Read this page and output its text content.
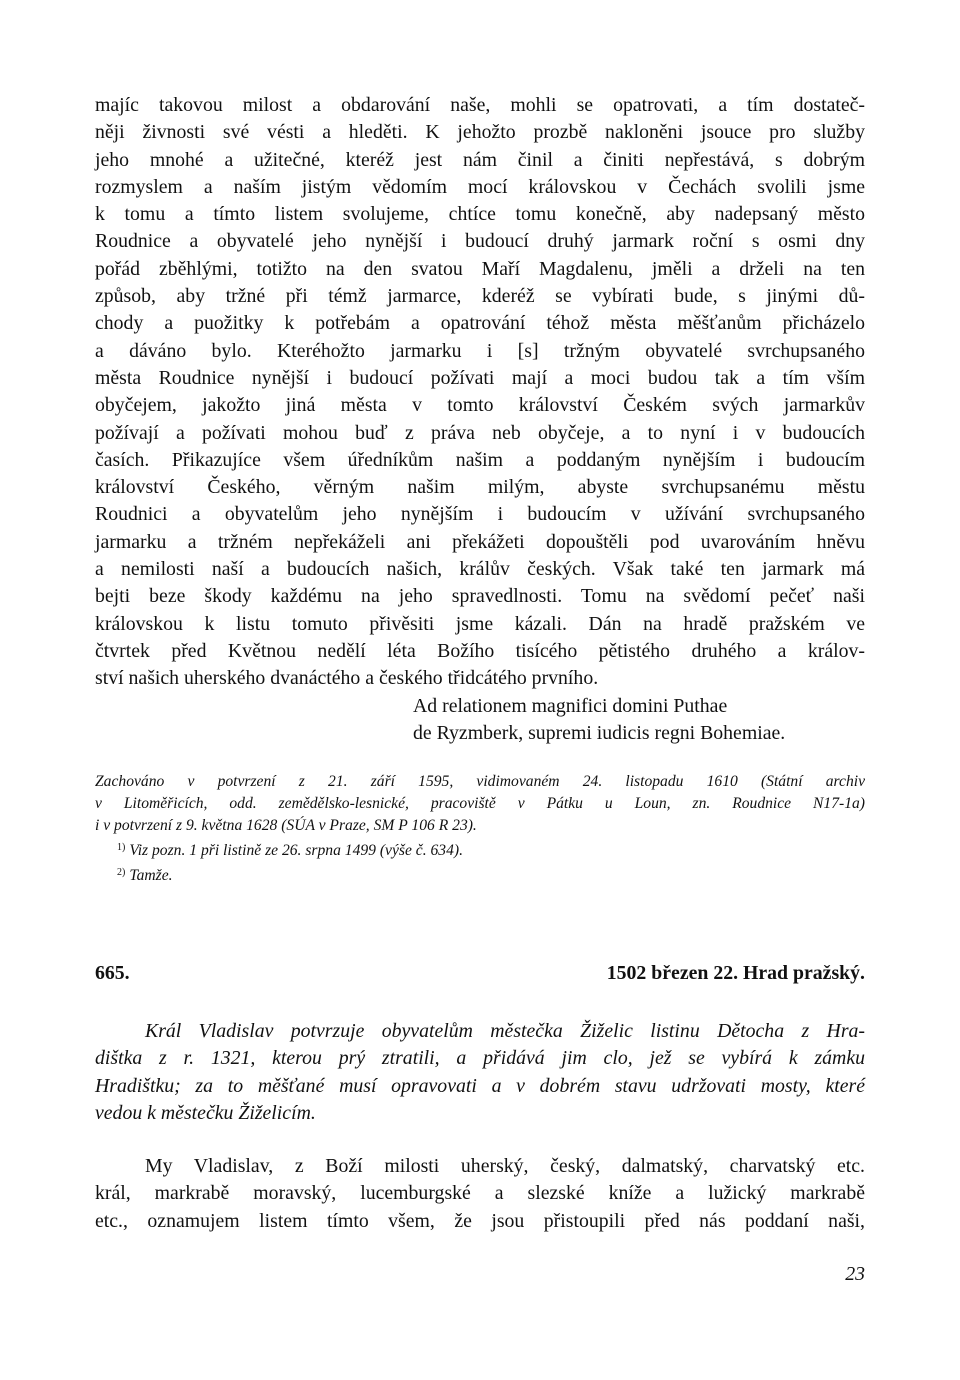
majíc takovou milost a obdarování naše, mohli se opatrovati, a tím dostateč-
něji živnosti své vésti a hleděti. K jehožto prozbě nakloněni jsouce pro služby
jeho mnohé a užitečné, kteréž jest nám činil a činiti nepřestává, s dobrým
rozmyslem a naším jistým vědomím mocí královskou v Čechách svolili jsme
k tomu a tímto listem svolujeme, chtíce tomu konečně, aby nadepsaný město
Roudnice a obyvatelé jeho nynější i budoucí druhý jarmark roční s osmi dny
pořád zběhlými, totižto na den svatou Maří Magdalenu, jměli a drželi na ten
způsob, aby tržné při témž jarmarce, kderéž se vybírati bude, s jinými dů-
chody a puožitky k potřebám a opatrování téhož města měšťanům přicházelo
a dáváno bylo. Kteréhožto jarmarku i [s] tržným obyvatelé svrchupsaného
města Roudnice nynější i budoucí požívati mají a moci budou tak a tím vším
obyčejem, jakožto jiná města v tomto království Českém svých jarmarkův
požívají a požívati mohou buď z práva neb obyčeje, a to nyní i v budoucích
časích. Přikazujíce všem úředníkům našim a poddaným nynějším i budoucím
království Českého, věrným našim milým, abyste svrchupsanému městu
Roudnici a obyvatelům jeho nynějším i budoucím v užívání svrchupsaného
jarmarku a tržném nepřekáželi ani překážeti dopouštěli pod uvarováním hněvu
a nemilosti naší a budoucích našich, králův českých. Však také ten jarmark má
bejti beze škody každému na jeho spravedlnosti. Tomu na svědomí pečeť naši
královskou k listu tomuto přivěsiti jsme kázali. Dán na hradě pražském ve
čtvrtek před Květnou nedělí léta Božího tisícého pětistého druhého a králov-
ství našich uherského dvanáctého a českého třidcátého prvního.
Ad relationem magnifici domini Puthae
de Ryzmberk, supremi iudicis regni Bohemiae.
Zachováno v potvrzení z 21. září 1595, vidimovaném 24. listopadu 1610 (Státní archiv
v Litoměřicích, odd. zemědělsko-lesnické, pracoviště v Pátku u Loun, zn. Roudnice N17-1a)
i v potvrzení z 9. května 1628 (SÚA v Praze, SM P 106 R 23).
$^{1)}$ Viz pozn. 1 při listině ze 26. srpna 1499 (výše č. 634).
$^{2)}$ Tamže.
665.	1502 březen 22. Hrad pražský.
Král Vladislav potvrzuje obyvatelům městečka Žiželic listinu Dětocha z Hra-
dištka z r. 1321, kterou prý ztratili, a přidává jim clo, jež se vybírá k zámku
Hradištku; za to měšťané musí opravovati a v dobrém stavu udržovati mosty, které
vedou k městečku Žiželicím.
My Vladislav, z Boží milosti uherský, český, dalmatský, charvatský etc.
král, markrabě moravský, lucemburgské a slezské kníže a lužický markrabě
etc., oznamujem listem tímto všem, že jsou přistoupili před nás poddaní naši,
23
